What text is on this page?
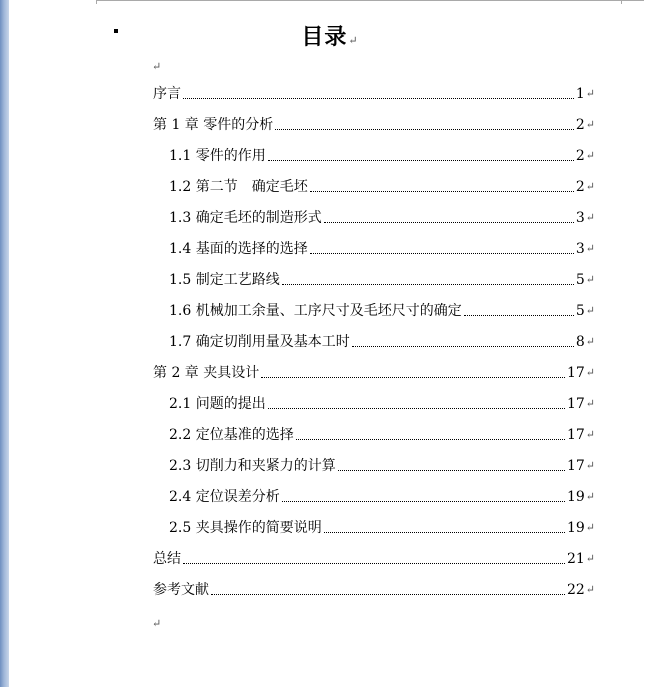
目录↵
↵
序言	1 ↵
第 1 章 零件的分析	2 ↵
1.1 零件的作用	2 ↵
1.2 第二节　确定毛坯	2 ↵
1.3 确定毛坯的制造形式	3 ↵
1.4 基面的选择的选择	3 ↵
1.5 制定工艺路线	5 ↵
1.6 机械加工余量、工序尺寸及毛坯尺寸的确定	5 ↵
1.7 确定切削用量及基本工时	8 ↵
第 2 章 夹具设计	17 ↵
2.1 问题的提出	17 ↵
2.2 定位基准的选择	17 ↵
2.3 切削力和夹紧力的计算	17 ↵
2.4 定位误差分析	19 ↵
2.5 夹具操作的简要说明	19 ↵
总结	21 ↵
参考文献	22 ↵
↵
